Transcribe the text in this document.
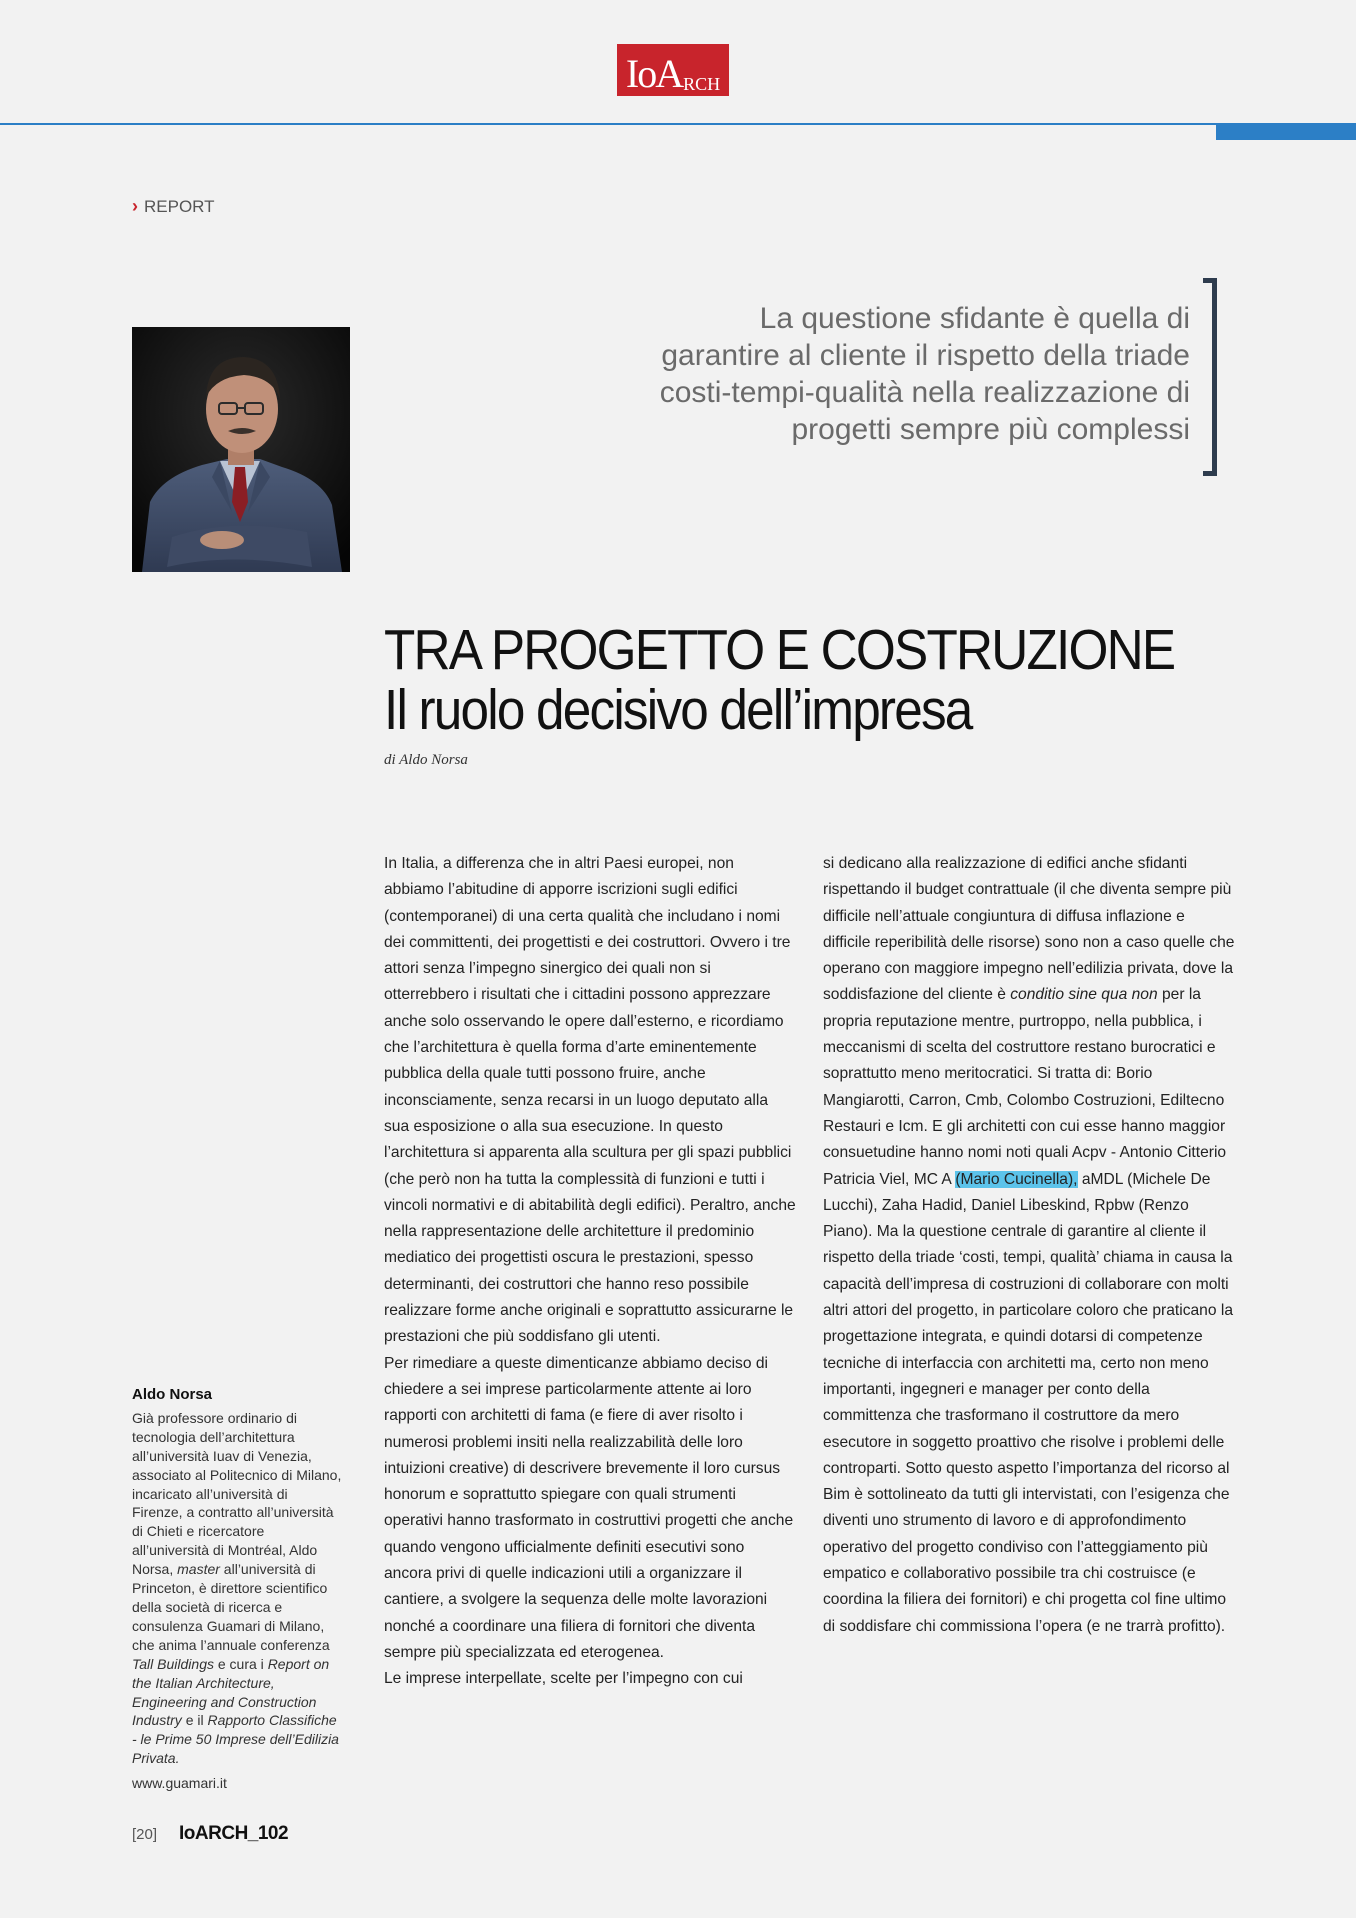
IoA RCH
› REPORT
La questione sfidante è quella di
garantire al cliente il rispetto della triade
costi-tempi-qualità nella realizzazione di
progetti sempre più complessi
TRA PROGETTO E COSTRUZIONE
Il ruolo decisivo dell’impresa
di Aldo Norsa

In Italia, a differenza che in altri Paesi europei, non abbiamo l’abitudine di apporre iscrizioni sugli edifici (contemporanei) di una certa qualità che includano i nomi dei committenti, dei progettisti e dei costruttori. Ovvero i tre attori senza l’impegno sinergico dei quali non si otterrebbero i risultati che i cittadini possono apprezzare anche solo osservando le opere dall’esterno, e ricordiamo che l’architettura è quella forma d’arte eminentemente pubblica della quale tutti possono fruire, anche inconsciamente, senza recarsi in un luogo deputato alla sua esposizione o alla sua esecuzione. In questo l’architettura si apparenta alla scultura per gli spazi pubblici (che però non ha tutta la complessità di funzioni e tutti i vincoli normativi e di abitabilità degli edifici). Peraltro, anche nella rappresentazione delle architetture il predominio mediatico dei progettisti oscura le prestazioni, spesso determinanti, dei costruttori che hanno reso possibile realizzare forme anche originali e soprattutto assicurarne le prestazioni che più soddisfano gli utenti.

Per rimediare a queste dimenticanze abbiamo deciso di chiedere a sei imprese particolarmente attente ai loro rapporti con architetti di fama (e fiere di aver risolto i numerosi problemi insiti nella realizzabilità delle loro intuizioni creative) di descrivere brevemente il loro cursus honorum e soprattutto spiegare con quali strumenti operativi hanno trasformato in costruttivi progetti che anche quando vengono ufficialmente definiti esecutivi sono ancora privi di quelle indicazioni utili a organizzare il cantiere, a svolgere la sequenza delle molte lavorazioni nonché a coordinare una filiera di fornitori che diventa sempre più specializzata ed eterogenea.

Le imprese interpellate, scelte per l’impegno con cui

si dedicano alla realizzazione di edifici anche sfidanti rispettando il budget contrattuale (il che diventa sempre più difficile nell’attuale congiuntura di diffusa inflazione e difficile reperibilità delle risorse) sono non a caso quelle che operano con maggiore impegno nell’edilizia privata, dove la soddisfazione del cliente è conditio sine qua non per la propria reputazione mentre, purtroppo, nella pubblica, i meccanismi di scelta del costruttore restano burocratici e soprattutto meno meritocratici. Si tratta di: Borio Mangiarotti, Carron, Cmb, Colombo Costruzioni, Ediltecno Restauri e Icm. E gli architetti con cui esse hanno maggior consuetudine hanno nomi noti quali Acpv - Antonio Citterio Patricia Viel, MC A (Mario Cucinella), aMDL (Michele De Lucchi), Zaha Hadid, Daniel Libeskind, Rpbw (Renzo Piano). Ma la questione centrale di garantire al cliente il rispetto della triade ‘costi, tempi, qualità’ chiama in causa la capacità dell’impresa di costruzioni di collaborare con molti altri attori del progetto, in particolare coloro che praticano la progettazione integrata, e quindi dotarsi di competenze tecniche di interfaccia con architetti ma, certo non meno importanti, ingegneri e manager per conto della committenza che trasformano il costruttore da mero esecutore in soggetto proattivo che risolve i problemi delle controparti. Sotto questo aspetto l’importanza del ricorso al Bim è sottolineato da tutti gli intervistati, con l’esigenza che diventi uno strumento di lavoro e di approfondimento operativo del progetto condiviso con l’atteggiamento più empatico e collaborativo possibile tra chi costruisce (e coordina la filiera dei fornitori) e chi progetta col fine ultimo di soddisfare chi commissiona l’opera (e ne trarrà profitto).

Aldo Norsa
Già professore ordinario di tecnologia dell’architettura all’università Iuav di Venezia, associato al Politecnico di Milano, incaricato all’università di Firenze, a contratto all’università di Chieti e ricercatore all’università di Montréal, Aldo Norsa, master all’università di Princeton, è direttore scientifico della società di ricerca e consulenza Guamari di Milano, che anima l’annuale conferenza Tall Buildings e cura i Report on the Italian Architecture, Engineering and Construction Industry e il Rapporto Classifiche - le Prime 50 Imprese dell’Edilizia Privata.
www.guamari.it
[20] IoARCH_102
